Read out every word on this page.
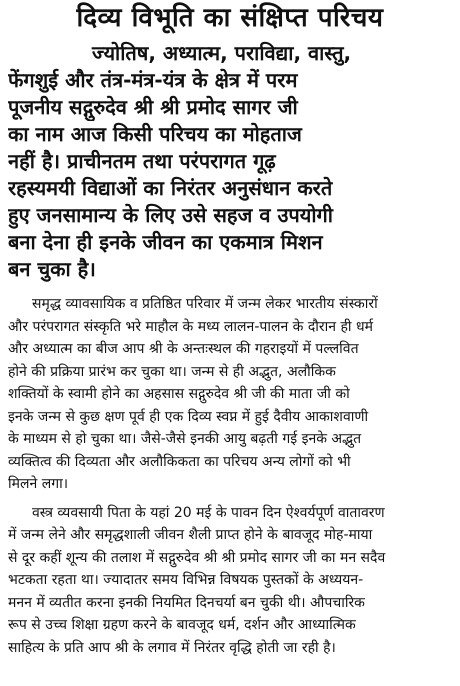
दिव्य विभूति का संक्षिप्त परिचय
ज्योतिष, अध्यात्म, पराविद्या, वास्तु,
फेंगशुई और तंत्र-मंत्र-यंत्र के क्षेत्र में परम
पूजनीय सद्गुरुदेव श्री श्री प्रमोद सागर जी
का नाम आज किसी परिचय का मोहताज
नहीं है। प्राचीनतम तथा परंपरागत गूढ़
रहस्यमयी विद्याओं का निरंतर अनुसंधान करते
हुए जनसामान्य के लिए उसे सहज व उपयोगी
बना देना ही इनके जीवन का एकमात्र मिशन
बन चुका है।
समृद्ध व्यावसायिक व प्रतिष्ठित परिवार में जन्म लेकर भारतीय संस्कारों
और परंपरागत संस्कृति भरे माहौल के मध्य लालन-पालन के दौरान ही धर्म
और अध्यात्म का बीज आप श्री के अन्तःस्थल की गहराइयों में पल्लवित
होने की प्रक्रिया प्रारंभ कर चुका था। जन्म से ही अद्भुत, अलौकिक
शक्तियों के स्वामी होने का अहसास सद्गुरुदेव श्री जी की माता जी को
इनके जन्म से कुछ क्षण पूर्व ही एक दिव्य स्वप्न में हुई दैवीय आकाशवाणी
के माध्यम से हो चुका था। जैसे-जैसे इनकी आयु बढ़ती गई इनके अद्भुत
व्यक्तित्व की दिव्यता और अलौकिकता का परिचय अन्य लोगों को भी
मिलने लगा।
वस्त्र व्यवसायी पिता के यहां 20 मई के पावन दिन ऐश्वर्यपूर्ण वातावरण
में जन्म लेने और समृद्धशाली जीवन शैली प्राप्त होने के बावजूद मोह-माया
से दूर कहीं शून्य की तलाश में सद्गुरुदेव श्री श्री प्रमोद सागर जी का मन सदैव
भटकता रहता था। ज्यादातर समय विभिन्न विषयक पुस्तकों के अध्ययन-
मनन में व्यतीत करना इनकी नियमित दिनचर्या बन चुकी थी। औपचारिक
रूप से उच्च शिक्षा ग्रहण करने के बावजूद धर्म, दर्शन और आध्यात्मिक
साहित्य के प्रति आप श्री के लगाव में निरंतर वृद्धि होती जा रही है।
